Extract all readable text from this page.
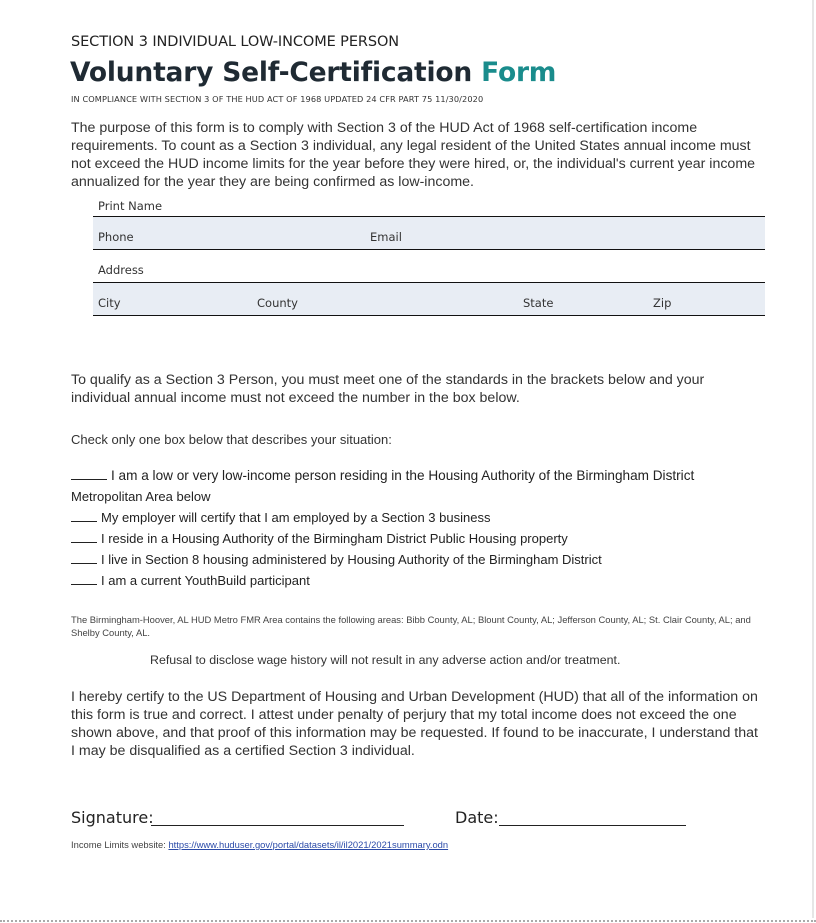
SECTION 3 INDIVIDUAL LOW-INCOME PERSON
Voluntary Self-Certification Form
IN COMPLIANCE WITH SECTION 3 OF THE HUD ACT OF 1968 UPDATED 24 CFR PART 75 11/30/2020
The purpose of this form is to comply with Section 3 of the HUD Act of 1968 self-certification income requirements. To count as a Section 3 individual, any legal resident of the United States annual income must not exceed the HUD income limits for the year before they were hired, or, the individual's current year income annualized for the year they are being confirmed as low-income.
Print Name
Phone	Email
Address
City	County	State	Zip
To qualify as a Section 3 Person, you must meet one of the standards in the brackets below and your individual annual income must not exceed the number in the box below.
Check only one box below that describes your situation:
I am a low or very low-income person residing in the Housing Authority of the Birmingham District
Metropolitan Area below
My employer will certify that I am employed by a Section 3 business
I reside in a Housing Authority of the Birmingham District Public Housing property
I live in Section 8 housing administered by Housing Authority of the Birmingham District
I am a current YouthBuild participant
The Birmingham-Hoover, AL HUD Metro FMR Area contains the following areas: Bibb County, AL; Blount County, AL; Jefferson County, AL; St. Clair County, AL; and Shelby County, AL.
Refusal to disclose wage history will not result in any adverse action and/or treatment.
I hereby certify to the US Department of Housing and Urban Development (HUD) that all of the information on this form is true and correct. I attest under penalty of perjury that my total income does not exceed the one shown above, and that proof of this information may be requested. If found to be inaccurate, I understand that I may be disqualified as a certified Section 3 individual.
Signature:	Date:
Income Limits website: https://www.huduser.gov/portal/datasets/il/il2021/2021summary.odn
